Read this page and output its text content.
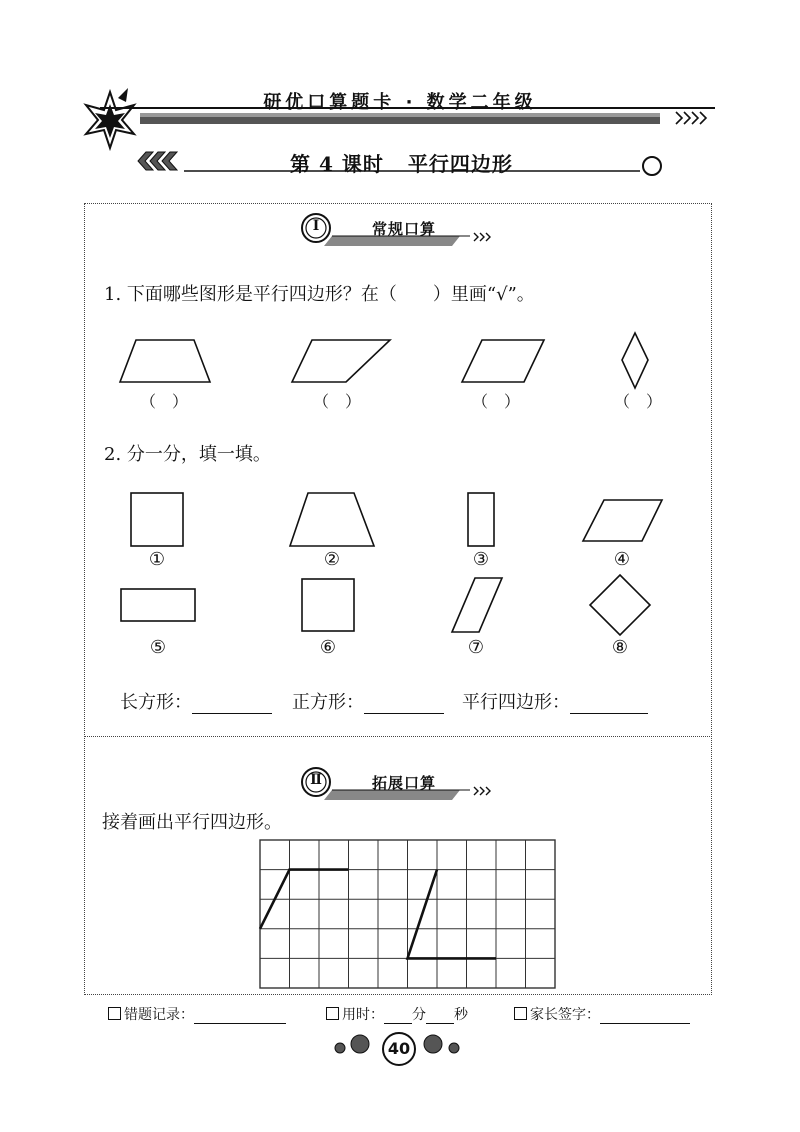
研优口算题卡 · 数学二年级
第 4 课时 平行四边形
Ⅰ	常规口算
1. 下面哪些图形是平行四边形？在（　　）里画“√”。
（　）	（　）	（　）	（　）
2. 分一分，填一填。
①	②	③	④
⑤	⑥	⑦	⑧
长方形：	正方形：	平行四边形：
Ⅱ	拓展口算
接着画出平行四边形。
错题记录：	用时： 分 秒	家长签字：
40
